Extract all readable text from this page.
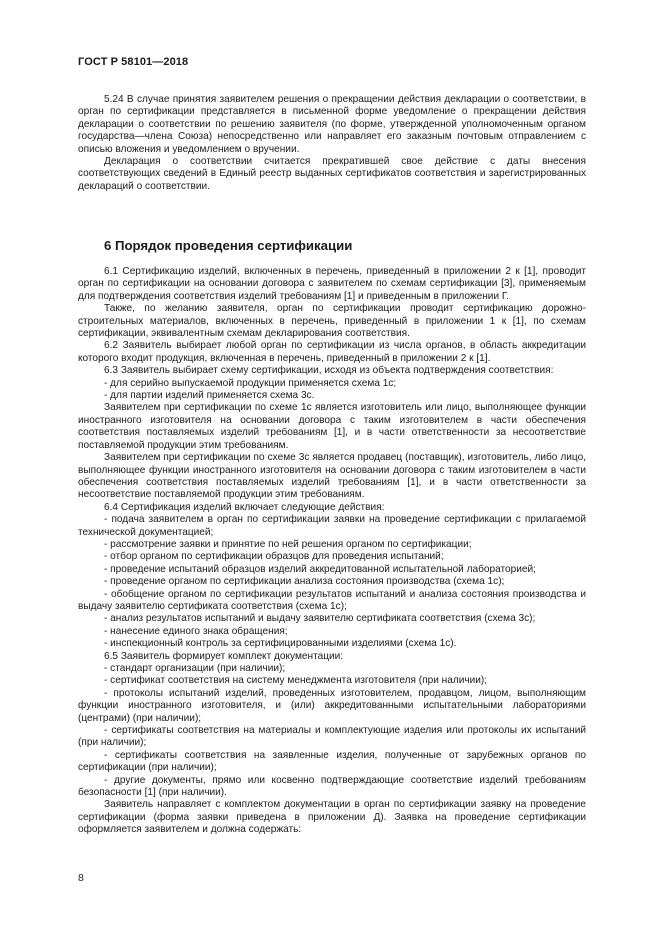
ГОСТ Р 58101—2018

5.24 В случае принятия заявителем решения о прекращении действия декларации о соответствии, в орган по сертификации представляется в письменной форме уведомление о прекращении действия декларации о соответствии по решению заявителя (по форме, утвержденной уполномоченным органом государства—члена Союза) непосредственно или направляет его заказным почтовым отправлением с описью вложения и уведомлением о вручении.

Декларация о соответствии считается прекратившей свое действие с даты внесения соответствующих сведений в Единый реестр выданных сертификатов соответствия и зарегистрированных деклараций о соответствии.

6 Порядок проведения сертификации

6.1 Сертификацию изделий, включенных в перечень, приведенный в приложении 2 к [1], проводит орган по сертификации на основании договора с заявителем по схемам сертификации [3], применяемым для подтверждения соответствия изделий требованиям [1] и приведенным в приложении Г.

Также, по желанию заявителя, орган по сертификации проводит сертификацию дорожно-строительных материалов, включенных в перечень, приведенный в приложении 1 к [1], по схемам сертификации, эквивалентным схемам декларирования соответствия.

6.2 Заявитель выбирает любой орган по сертификации из числа органов, в область аккредитации которого входит продукция, включенная в перечень, приведенный в приложении 2 к [1].

6.3 Заявитель выбирает схему сертификации, исходя из объекта подтверждения соответствия:

- для серийно выпускаемой продукции применяется схема 1с;

- для партии изделий применяется схема 3с.

Заявителем при сертификации по схеме 1с является изготовитель или лицо, выполняющее функции иностранного изготовителя на основании договора с таким изготовителем в части обеспечения соответствия поставляемых изделий требованиям [1], и в части ответственности за несоответствие поставляемой продукции этим требованиям.

Заявителем при сертификации по схеме 3с является продавец (поставщик), изготовитель, либо лицо, выполняющее функции иностранного изготовителя на основании договора с таким изготовителем в части обеспечения соответствия поставляемых изделий требованиям [1], и в части ответственности за несоответствие поставляемой продукции этим требованиям.

6.4 Сертификация изделий включает следующие действия:

- подача заявителем в орган по сертификации заявки на проведение сертификации с прилагаемой технической документацией;

- рассмотрение заявки и принятие по ней решения органом по сертификации;

- отбор органом по сертификации образцов для проведения испытаний;

- проведение испытаний образцов изделий аккредитованной испытательной лабораторией;

- проведение органом по сертификации анализа состояния производства (схема 1с);

- обобщение органом по сертификации результатов испытаний и анализа состояния производства и выдачу заявителю сертификата соответствия (схема 1с);

- анализ результатов испытаний и выдачу заявителю сертификата соответствия (схема 3с);

- нанесение единого знака обращения;

- инспекционный контроль за сертифицированными изделиями (схема 1с).

6.5 Заявитель формирует комплект документации:

- стандарт организации (при наличии);

- сертификат соответствия на систему менеджмента изготовителя (при наличии);

- протоколы испытаний изделий, проведенных изготовителем, продавцом, лицом, выполняющим функции иностранного изготовителя, и (или) аккредитованными испытательными лабораториями (центрами) (при наличии);

- сертификаты соответствия на материалы и комплектующие изделия или протоколы их испытаний (при наличии);

- сертификаты соответствия на заявленные изделия, полученные от зарубежных органов по сертификации (при наличии);

- другие документы, прямо или косвенно подтверждающие соответствие изделий требованиям безопасности [1] (при наличии).

Заявитель направляет с комплектом документации в орган по сертификации заявку на проведение сертификации (форма заявки приведена в приложении Д). Заявка на проведение сертификации оформляется заявителем и должна содержать:

8
